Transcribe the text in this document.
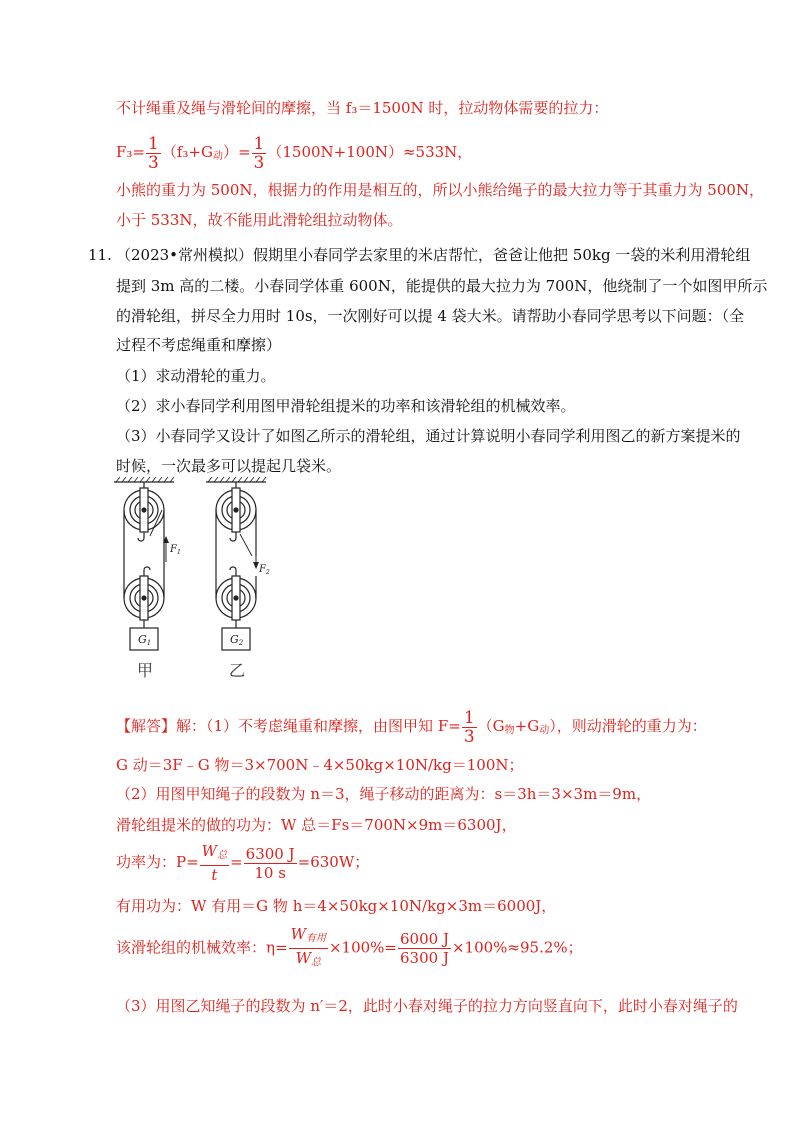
不计绳重及绳与滑轮间的摩擦，当 f₃＝1500N 时，拉动物体需要的拉力：
$F_3= \frac{1}{3} (f_3+G_动)= \frac{1}{3} (1500N+100N)\approx 533N$，
小熊的重力为 500N，根据力的作用是相互的，所以小熊给绳子的最大拉力等于其重力为 500N，
小于 533N，故不能用此滑轮组拉动物体。
11. （2023•常州模拟）假期里小春同学去家里的米店帮忙，爸爸让他把 50kg 一袋的米利用滑轮组
提到 3m 高的二楼。小春同学体重 600N，能提供的最大拉力为 700N，他绕制了一个如图甲所示
的滑轮组，拼尽全力用时 10s，一次刚好可以提 4 袋大米。请帮助小春同学思考以下问题：（全
过程不考虑绳重和摩擦）
（1）求动滑轮的重力。
（2）求小春同学利用图甲滑轮组提米的功率和该滑轮组的机械效率。
（3）小春同学又设计了如图乙所示的滑轮组，通过计算说明小春同学利用图乙的新方案提米的
时候，一次最多可以提起几袋米。
$F_1$
$F_2$
G1	G2
甲	乙
【解答】解：（1）不考虑绳重和摩擦，由图甲知 $F= \frac{1}{3} (G_物+G_动)$，则动滑轮的重力为：
G 动＝3F﹣G 物＝3×700N﹣4×50kg×10N/kg＝100N；
（2）用图甲知绳子的段数为 n＝3，绳子移动的距离为：s＝3h＝3×3m＝9m，
滑轮组提米的做的功为：W 总＝Fs＝700N×9m＝6300J，
功率为：$P= \frac{W_总}{t} = \frac{6300 J}{10 s} =630W$；
有用功为：W 有用＝G 物 h＝4×50kg×10N/kg×3m＝6000J，
该滑轮组的机械效率：$\eta= \frac{W_{有用}}{W_总} \times 100\%= \frac{6000 J}{6300 J} \times 100\%\approx 95.2\%$；
（3）用图乙知绳子的段数为 n′＝2，此时小春对绳子的拉力方向竖直向下，此时小春对绳子的
